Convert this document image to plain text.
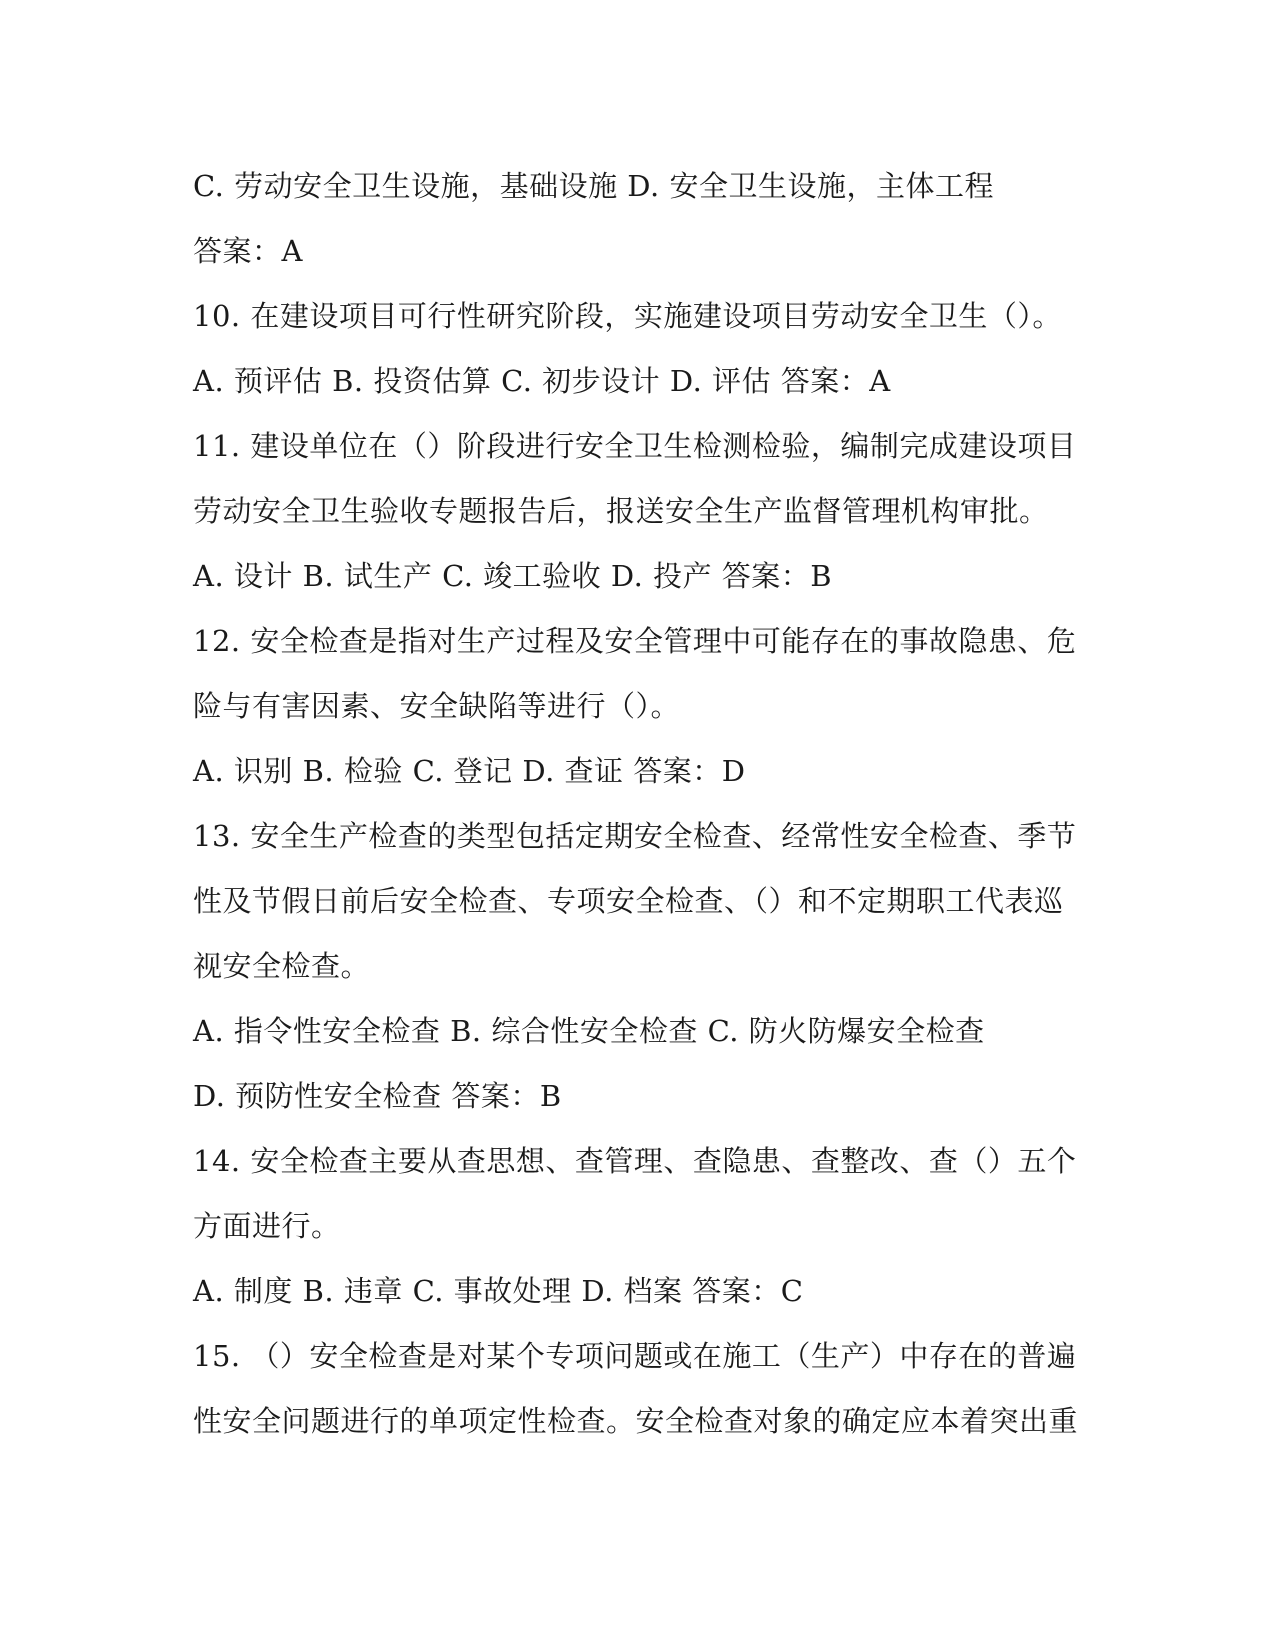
C. 劳动安全卫生设施，基础设施 D. 安全卫生设施，主体工程
答案：A
10. 在建设项目可行性研究阶段，实施建设项目劳动安全卫生（）。
A. 预评估 B. 投资估算 C. 初步设计 D. 评估 答案：A
11. 建设单位在（）阶段进行安全卫生检测检验，编制完成建设项目
劳动安全卫生验收专题报告后，报送安全生产监督管理机构审批。
A. 设计 B. 试生产 C. 竣工验收 D. 投产 答案：B
12. 安全检查是指对生产过程及安全管理中可能存在的事故隐患、危
险与有害因素、安全缺陷等进行（）。
A. 识别 B. 检验 C. 登记 D. 查证 答案：D
13. 安全生产检查的类型包括定期安全检查、经常性安全检查、季节
性及节假日前后安全检查、专项安全检查、（）和不定期职工代表巡
视安全检查。
A. 指令性安全检查 B. 综合性安全检查 C. 防火防爆安全检查
D. 预防性安全检查 答案：B
14. 安全检查主要从查思想、查管理、查隐患、查整改、查（）五个
方面进行。
A. 制度 B. 违章 C. 事故处理 D. 档案 答案：C
15. （）安全检查是对某个专项问题或在施工（生产）中存在的普遍
性安全问题进行的单项定性检查。安全检查对象的确定应本着突出重
